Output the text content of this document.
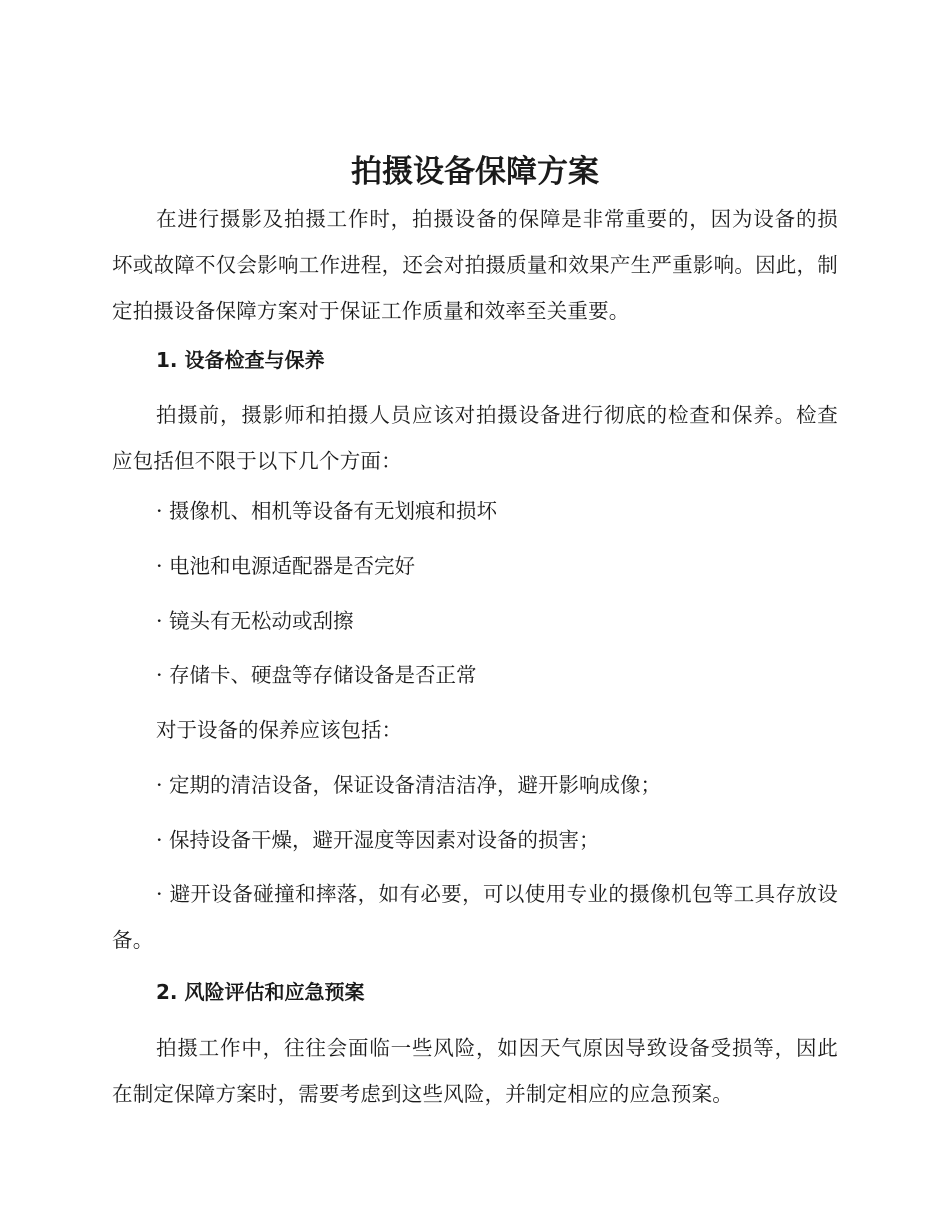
拍摄设备保障方案

在进行摄影及拍摄工作时，拍摄设备的保障是非常重要的，因为设备的损坏或故障不仅会影响工作进程，还会对拍摄质量和效果产生严重影响。因此，制定拍摄设备保障方案对于保证工作质量和效率至关重要。

1. 设备检查与保养

拍摄前，摄影师和拍摄人员应该对拍摄设备进行彻底的检查和保养。检查应包括但不限于以下几个方面：

· 摄像机、相机等设备有无划痕和损坏

· 电池和电源适配器是否完好

· 镜头有无松动或刮擦

· 存储卡、硬盘等存储设备是否正常

对于设备的保养应该包括：

· 定期的清洁设备，保证设备清洁洁净，避开影响成像；

· 保持设备干燥，避开湿度等因素对设备的损害；

· 避开设备碰撞和摔落，如有必要，可以使用专业的摄像机包等工具存放设备。

2. 风险评估和应急预案

拍摄工作中，往往会面临一些风险，如因天气原因导致设备受损等，因此在制定保障方案时，需要考虑到这些风险，并制定相应的应急预案。
